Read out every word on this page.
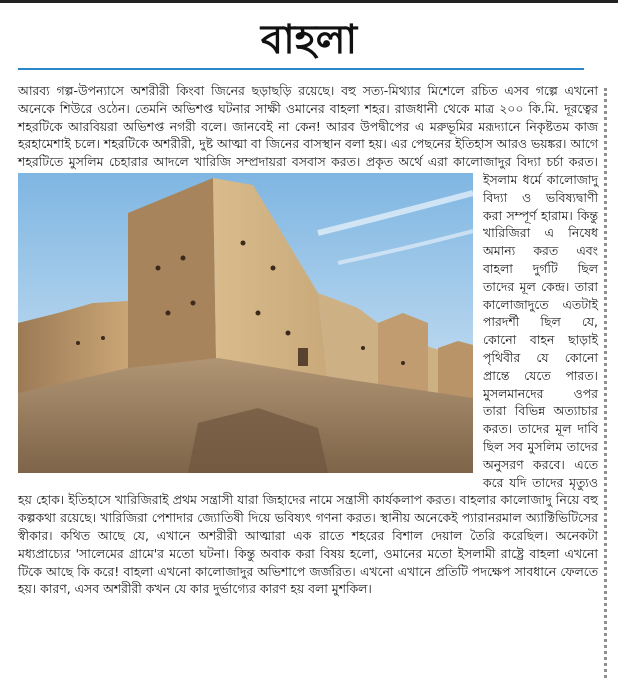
বাহলা

আরব্য গল্প-উপন্যাসে অশরীরী কিংবা জিনের ছড়াছড়ি রয়েছে। বহু সত্য-মিথ্যার মিশেলে রচিত এসব গল্পে এখনো অনেকে শিউরে ওঠেন। তেমনি অভিশপ্ত ঘটনার সাক্ষী ওমানের বাহলা শহর। রাজধানী থেকে মাত্র ২০০ কি.মি. দূরত্বের শহরটিকে আরবিয়রা অভিশপ্ত নগরী বলে। জানবেই না কেন! আরব উপদ্বীপের এ মরুভূমির মরূদ্যানে নিকৃষ্টতম কাজ হরহামেশাই চলে। শহরটিকে অশরীরী, দুষ্ট আত্মা বা জিনের বাসস্থান বলা হয়। এর পেছনের ইতিহাস আরও ভয়ঙ্কর। আগে শহরটিতে মুসলিম চেহারার আদলে খারিজি সম্প্রদায়রা বসবাস করত। প্রকৃত অর্থে এরা কালোজাদুর বিদ্যা চর্চা করত।
ইসলাম ধর্মে কালোজাদু বিদ্যা ও ভবিষ্যদ্বাণী করা সম্পূর্ণ হারাম। কিন্তু খারিজিরা এ নিষেধ অমান্য করত এবং বাহলা দুর্গটি ছিল তাদের মূল কেন্দ্র। তারা কালোজাদুতে এতটাই পারদর্শী ছিল যে, কোনো বাহন ছাড়াই পৃথিবীর যে কোনো প্রান্তে যেতে পারত। মুসলমানদের ওপর তারা বিভিন্ন অত্যাচার করত। তাদের মূল দাবি ছিল সব মুসলিম তাদের অনুসরণ করবে। এতে করে যদি তাদের মৃত্যুও হয় হোক। ইতিহাসে খারিজিরাই প্রথম সন্ত্রাসী যারা জিহাদের নামে সন্ত্রাসী কার্যকলাপ করত। বাহলার কালোজাদু নিয়ে বহু কল্পকথা রয়েছে। খারিজিরা পেশাদার জ্যোতিষী দিয়ে ভবিষ্যৎ গণনা করত। স্থানীয় অনেকেই প্যারানরমাল অ্যাক্টিভিটিসের স্বীকার। কথিত আছে যে, এখানে অশরীরী আত্মারা এক রাতে শহরের বিশাল দেয়াল তৈরি করেছিল। অনেকটা মধ্যপ্রাচ্যের 'সালেমের গ্রামে'র মতো ঘটনা। কিন্তু অবাক করা বিষয় হলো, ওমানের মতো ইসলামী রাষ্ট্রে বাহলা এখনো টিকে আছে কি করে! বাহলা এখনো কালোজাদুর অভিশাপে জর্জরিত। এখনো এখানে প্রতিটি পদক্ষেপ সাবধানে ফেলতে হয়। কারণ, এসব অশরীরী কখন যে কার দুর্ভাগ্যের কারণ হয় বলা মুশকিল।
